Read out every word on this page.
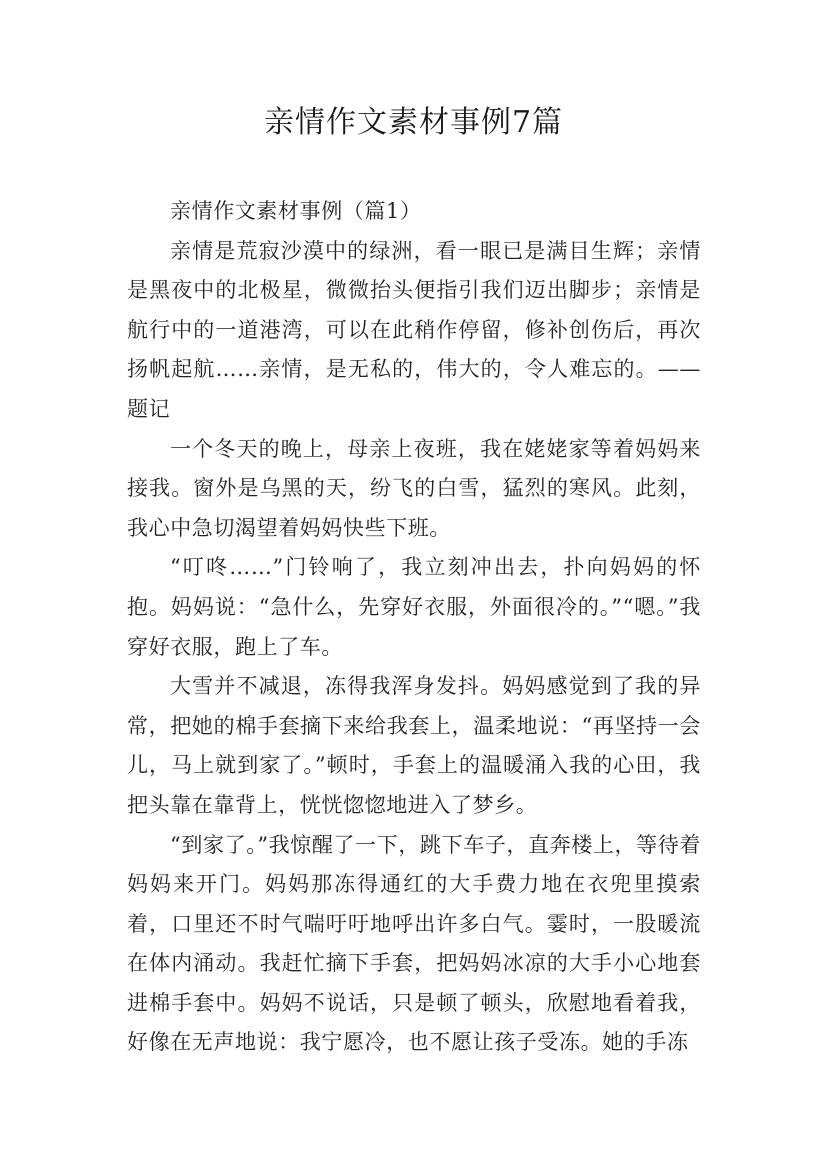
亲情作文素材事例7篇

亲情作文素材事例（篇1）

亲情是荒寂沙漠中的绿洲，看一眼已是满目生辉；亲情是黑夜中的北极星，微微抬头便指引我们迈出脚步；亲情是航行中的一道港湾，可以在此稍作停留，修补创伤后，再次扬帆起航……亲情，是无私的，伟大的，令人难忘的。——题记

一个冬天的晚上，母亲上夜班，我在姥姥家等着妈妈来接我。窗外是乌黑的天，纷飞的白雪，猛烈的寒风。此刻，我心中急切渴望着妈妈快些下班。

“叮咚……”门铃响了，我立刻冲出去，扑向妈妈的怀抱。妈妈说：“急什么，先穿好衣服，外面很冷的。”“嗯。”我穿好衣服，跑上了车。

大雪并不减退，冻得我浑身发抖。妈妈感觉到了我的异常，把她的棉手套摘下来给我套上，温柔地说：“再坚持一会儿，马上就到家了。”顿时，手套上的温暖涌入我的心田，我把头靠在靠背上，恍恍惚惚地进入了梦乡。

“到家了。”我惊醒了一下，跳下车子，直奔楼上，等待着妈妈来开门。妈妈那冻得通红的大手费力地在衣兜里摸索着，口里还不时气喘吁吁地呼出许多白气。霎时，一股暖流在体内涌动。我赶忙摘下手套，把妈妈冰凉的大手小心地套进棉手套中。妈妈不说话，只是顿了顿头，欣慰地看着我，好像在无声地说：我宁愿冷，也不愿让孩子受冻。她的手冻
